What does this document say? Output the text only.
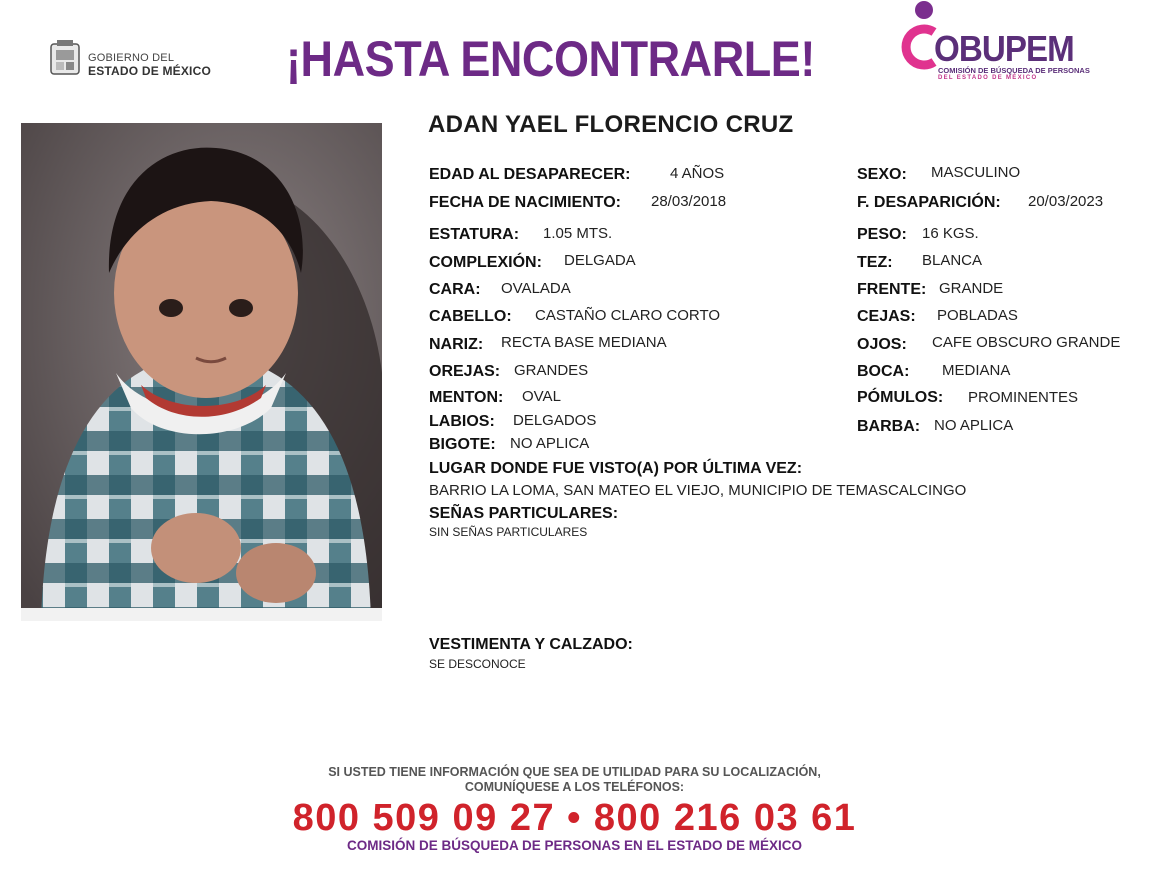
GOBIERNO DEL
ESTADO DE MÉXICO ¡HASTA ENCONTRARLE!	OBUPEM
COMISIÓN DE BÚSQUEDA DE PERSONAS
DEL ESTADO DE MÉXICO
ADAN YAEL FLORENCIO CRUZ
EDAD AL DESAPARECER:	4 AÑOS
FECHA DE NACIMIENTO: 28/03/2018
ESTATURA: 1.05 MTS.
COMPLEXIÓN: DELGADA
CARA: OVALADA
CABELLO: CASTAÑO CLARO CORTO
NARIZ: RECTA BASE MEDIANA
OREJAS: GRANDES
MENTON: OVAL
LABIOS: DELGADOS
BIGOTE: NO APLICA
SEXO: MASCULINO
F. DESAPARICIÓN: 20/03/2023
PESO: 16 KGS.
TEZ: BLANCA
FRENTE: GRANDE
CEJAS: POBLADAS
OJOS: CAFE OBSCURO GRANDE
BOCA: MEDIANA
PÓMULOS: PROMINENTES
BARBA: NO APLICA
LUGAR DONDE FUE VISTO(A) POR ÚLTIMA VEZ:
BARRIO LA LOMA, SAN MATEO EL VIEJO, MUNICIPIO DE TEMASCALCINGO
SEÑAS PARTICULARES:
SIN SEÑAS PARTICULARES
VESTIMENTA Y CALZADO:
SE DESCONOCE
SI USTED TIENE INFORMACIÓN QUE SEA DE UTILIDAD PARA SU LOCALIZACIÓN,
COMUNÍQUESE A LOS TELÉFONOS:
800 509 09 27 • 800 216 03 61
COMISIÓN DE BÚSQUEDA DE PERSONAS EN EL ESTADO DE MÉXICO
